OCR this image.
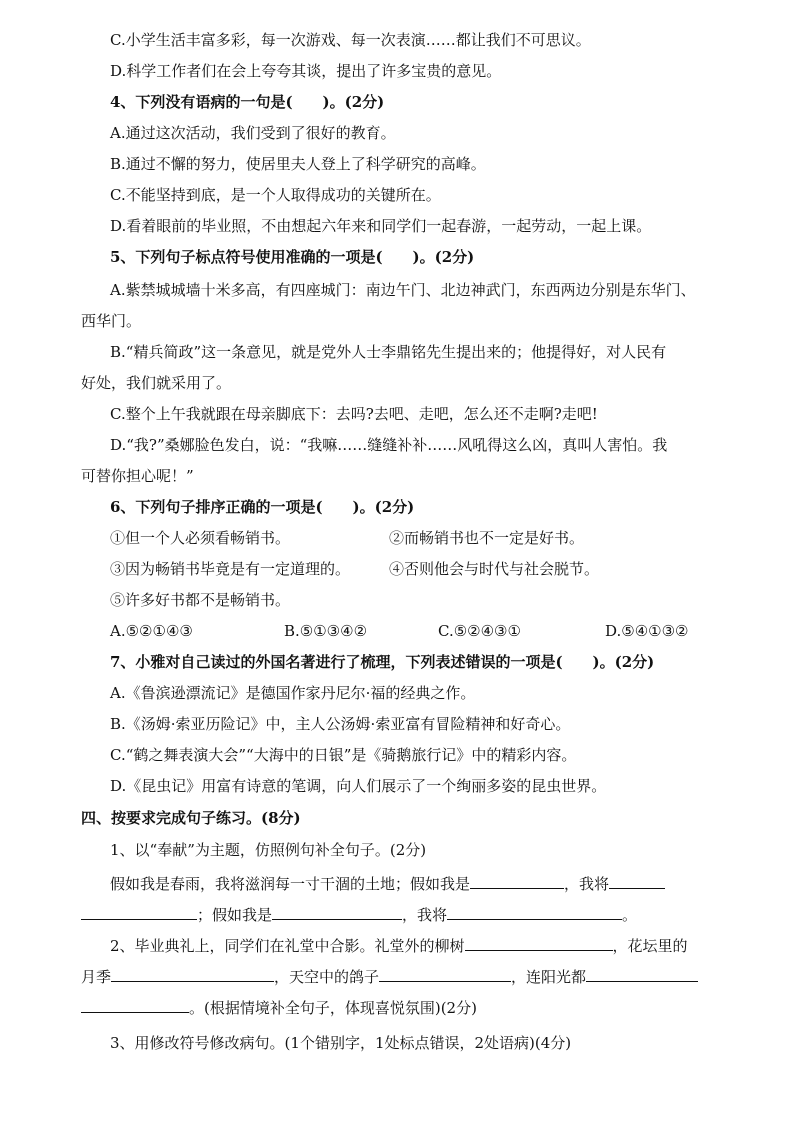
C.小学生活丰富多彩，每一次游戏、每一次表演……都让我们不可思议。
D.科学工作者们在会上夸夸其谈，提出了许多宝贵的意见。
4、下列没有语病的一句是(　　)。(2分)
A.通过这次活动，我们受到了很好的教育。
B.通过不懈的努力，使居里夫人登上了科学研究的高峰。
C.不能坚持到底，是一个人取得成功的关键所在。
D.看着眼前的毕业照，不由想起六年来和同学们一起春游，一起劳动，一起上课。
5、下列句子标点符号使用准确的一项是(　　)。(2分)
A.紫禁城城墙十米多高，有四座城门：南边午门、北边神武门，东西两边分别是东华门、
西华门。
B.“精兵简政”这一条意见，就是党外人士李鼎铭先生提出来的；他提得好，对人民有
好处，我们就采用了。
C.整个上午我就跟在母亲脚底下：去吗?去吧、走吧，怎么还不走啊?走吧!
D.“我?”桑娜脸色发白，说：“我嘛……缝缝补补……风吼得这么凶，真叫人害怕。我
可替你担心呢！”
6、下列句子排序正确的一项是(　　)。(2分)
①但一个人必须看畅销书。	②而畅销书也不一定是好书。
③因为畅销书毕竟是有一定道理的。	④否则他会与时代与社会脱节。
⑤许多好书都不是畅销书。
A.⑤②①④③	B.⑤①③④②	C.⑤②④③①	D.⑤④①③②
7、小雅对自己读过的外国名著进行了梳理，下列表述错误的一项是(　　)。(2分)
A.《鲁滨逊漂流记》是德国作家丹尼尔·福的经典之作。
B.《汤姆·索亚历险记》中，主人公汤姆·索亚富有冒险精神和好奇心。
C.“鹤之舞表演大会”“大海中的日银”是《骑鹅旅行记》中的精彩内容。
D.《昆虫记》用富有诗意的笔调，向人们展示了一个绚丽多姿的昆虫世界。
四、按要求完成句子练习。(8分)
1、以“奉献”为主题，仿照例句补全句子。(2分)
假如我是春雨，我将滋润每一寸干涸的土地；假如我是	，我将
；假如我是	，我将	。
2、毕业典礼上，同学们在礼堂中合影。礼堂外的柳树	，花坛里的
月季	，天空中的鸽子	，连阳光都
。(根据情境补全句子，体现喜悦氛围)(2分)
3、用修改符号修改病句。(1个错别字，1处标点错误，2处语病)(4分)
